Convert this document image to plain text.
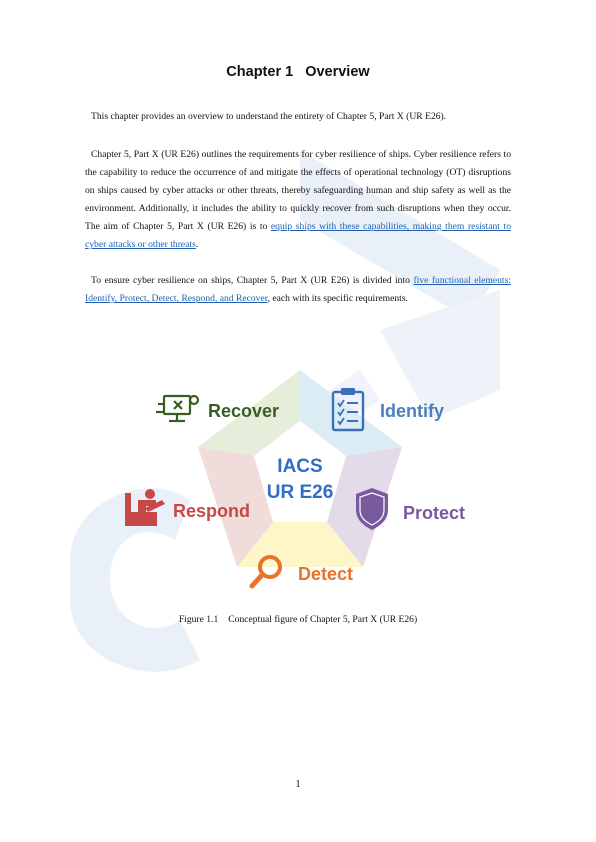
Chapter 1 Overview

This chapter provides an overview to understand the entirety of Chapter 5, Part X (UR E26).

Chapter 5, Part X (UR E26) outlines the requirements for cyber resilience of ships. Cyber resilience refers to the capability to reduce the occurrence of and mitigate the effects of operational technology (OT) disruptions on ships caused by cyber attacks or other threats, thereby safeguarding human and ship safety as well as the environment. Additionally, it includes the ability to quickly recover from such disruptions when they occur. The aim of Chapter 5, Part X (UR E26) is to equip ships with these capabilities, making them resistant to cyber attacks or other threats.

To ensure cyber resilience on ships, Chapter 5, Part X (UR E26) is divided into five functional elements: Identify, Protect, Detect, Respond, and Recover, each with its specific requirements.

IACS
UR E26
Recover	Identify
Protect
Respond
Detect

Figure 1.1 Conceptual figure of Chapter 5, Part X (UR E26)

1
